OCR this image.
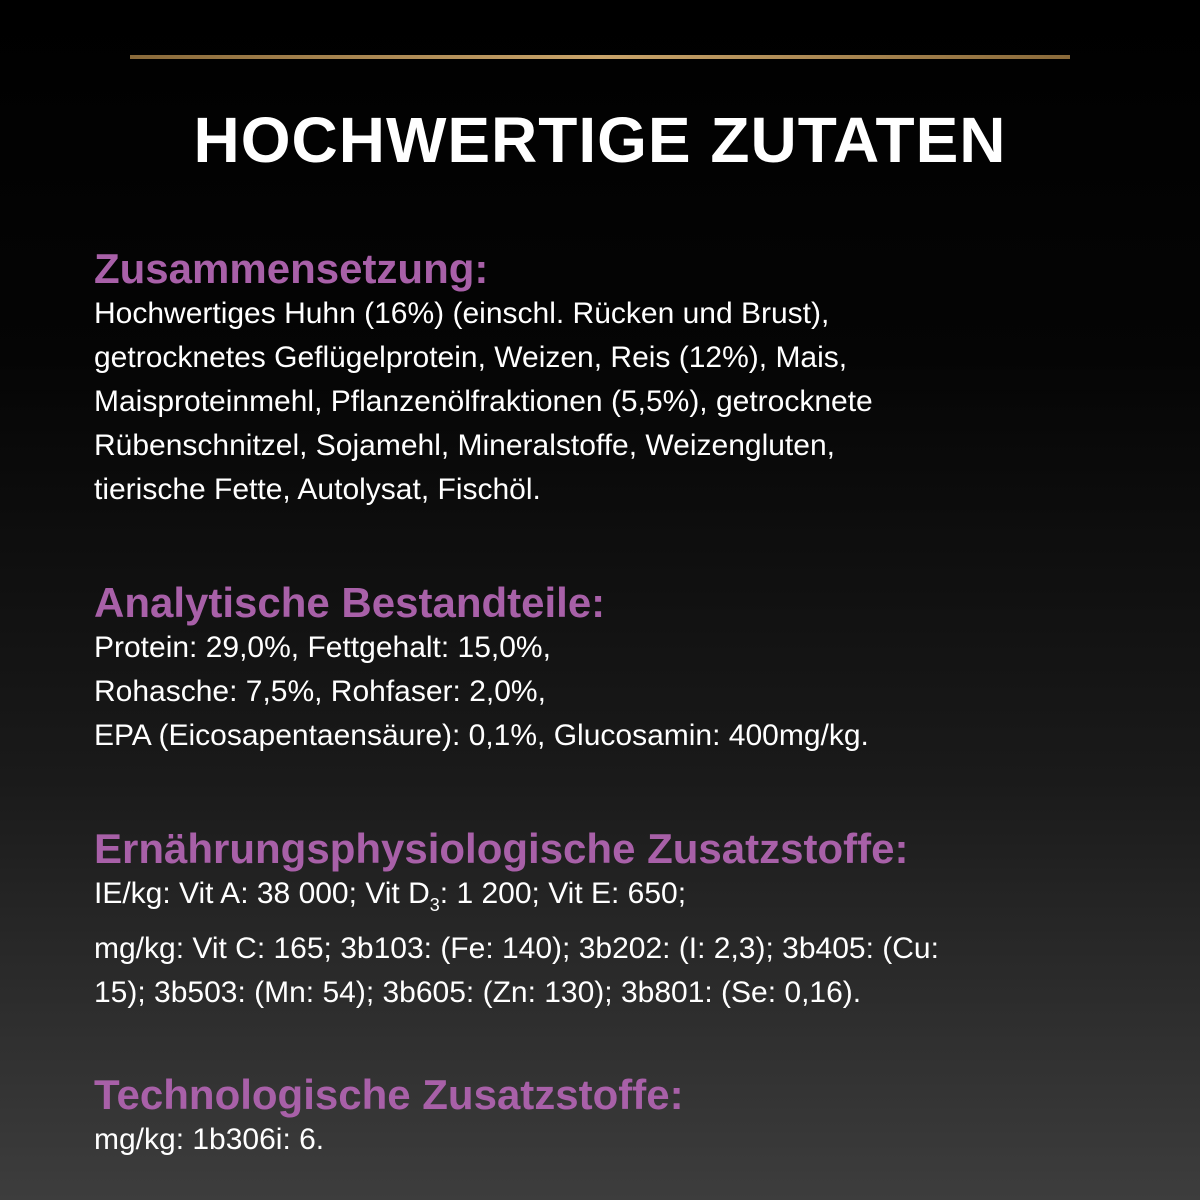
HOCHWERTIGE ZUTATEN
Zusammensetzung:
Hochwertiges Huhn (16%) (einschl. Rücken und Brust),
getrocknetes Geflügelprotein, Weizen, Reis (12%), Mais,
Maisproteinmehl, Pflanzenölfraktionen (5,5%), getrocknete
Rübenschnitzel, Sojamehl, Mineralstoffe, Weizengluten,
tierische Fette, Autolysat, Fischöl.
Analytische Bestandteile:
Protein: 29,0%, Fettgehalt: 15,0%,
Rohasche: 7,5%, Rohfaser: 2,0%,
EPA (Eicosapentaensäure): 0,1%, Glucosamin: 400mg/kg.
Ernährungsphysiologische Zusatzstoffe:
IE/kg: Vit A: 38 000; Vit $D_3$: 1 200; Vit E: 650;
mg/kg: Vit C: 165; 3b103: (Fe: 140); 3b202: (I: 2,3); 3b405: (Cu:
15); 3b503: (Mn: 54); 3b605: (Zn: 130); 3b801: (Se: 0,16).
Technologische Zusatzstoffe:
mg/kg: 1b306i: 6.
